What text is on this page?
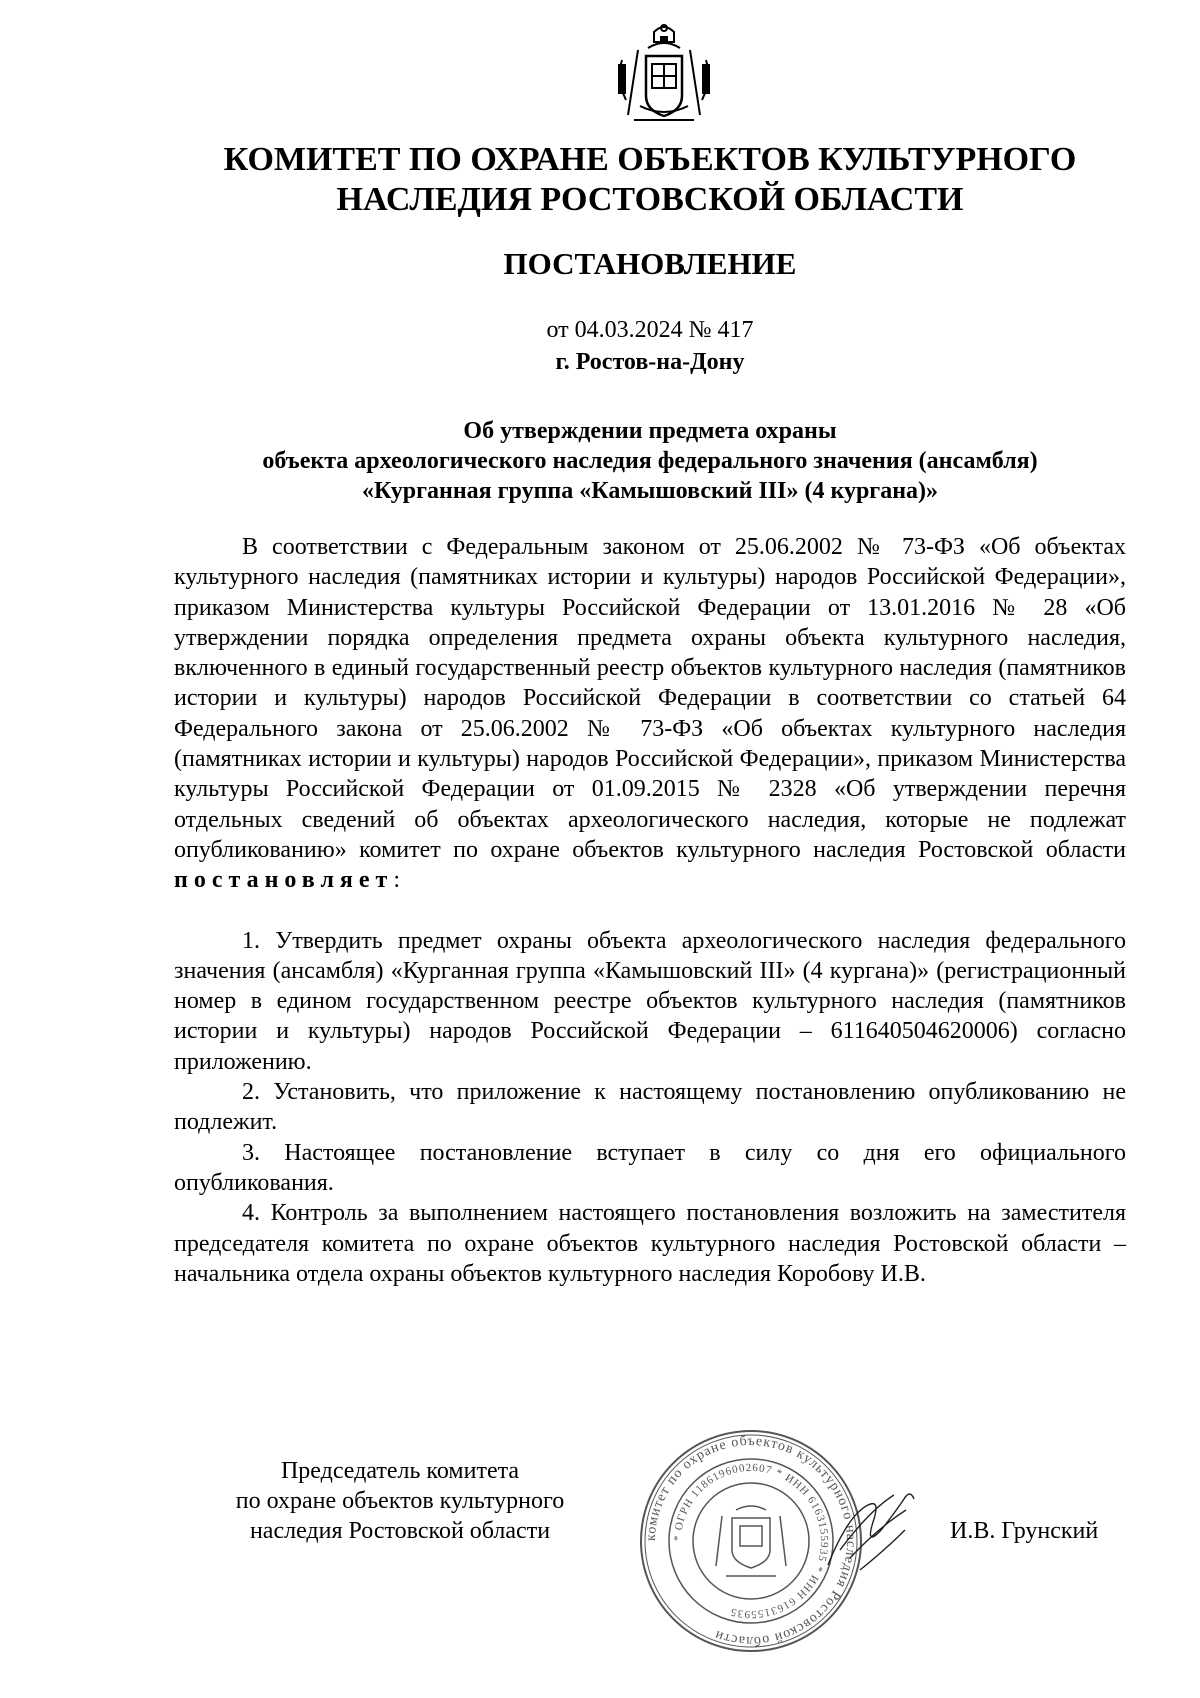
КОМИТЕТ ПО ОХРАНЕ ОБЪЕКТОВ КУЛЬТУРНОГО
НАСЛЕДИЯ РОСТОВСКОЙ ОБЛАСТИ
ПОСТАНОВЛЕНИЕ
от 04.03.2024 № 417
г. Ростов-на-Дону
Об утверждении предмета охраны
объекта археологического наследия федерального значения (ансамбля)
«Курганная группа «Камышовский III» (4 кургана)»

В соответствии с Федеральным законом от 25.06.2002 № 73-ФЗ «Об объектах культурного наследия (памятниках истории и культуры) народов Российской Федерации», приказом Министерства культуры Российской Федерации от 13.01.2016 № 28 «Об утверждении порядка определения предмета охраны объекта культурного наследия, включенного в единый государственный реестр объектов культурного наследия (памятников истории и культуры) народов Российской Федерации в соответствии со статьей 64 Федерального закона от 25.06.2002 № 73-ФЗ «Об объектах культурного наследия (памятниках истории и культуры) народов Российской Федерации», приказом Министерства культуры Российской Федерации от 01.09.2015 № 2328 «Об утверждении перечня отдельных сведений об объектах археологического наследия, которые не подлежат опубликованию» комитет по охране объектов культурного наследия Ростовской области постановляет:

1. Утвердить предмет охраны объекта археологического наследия федерального значения (ансамбля) «Курганная группа «Камышовский III» (4 кургана)» (регистрационный номер в едином государственном реестре объектов культурного наследия (памятников истории и культуры) народов Российской Федерации – 611640504620006) согласно приложению.

2. Установить, что приложение к настоящему постановлению опубликованию не подлежит.

3. Настоящее постановление вступает в силу со дня его официального опубликования.

4. Контроль за выполнением настоящего постановления возложить на заместителя председателя комитета по охране объектов культурного наследия Ростовской области – начальника отдела охраны объектов культурного наследия Коробову И.В.

Председатель комитета
по охране объектов культурного
наследия Ростовской области	комитет по охране объектов культурного наследия Ростовской области
* ОГРН 1186196002607 * ИНН 6163155935 * ИНН 6163155935
И.В. Грунский
